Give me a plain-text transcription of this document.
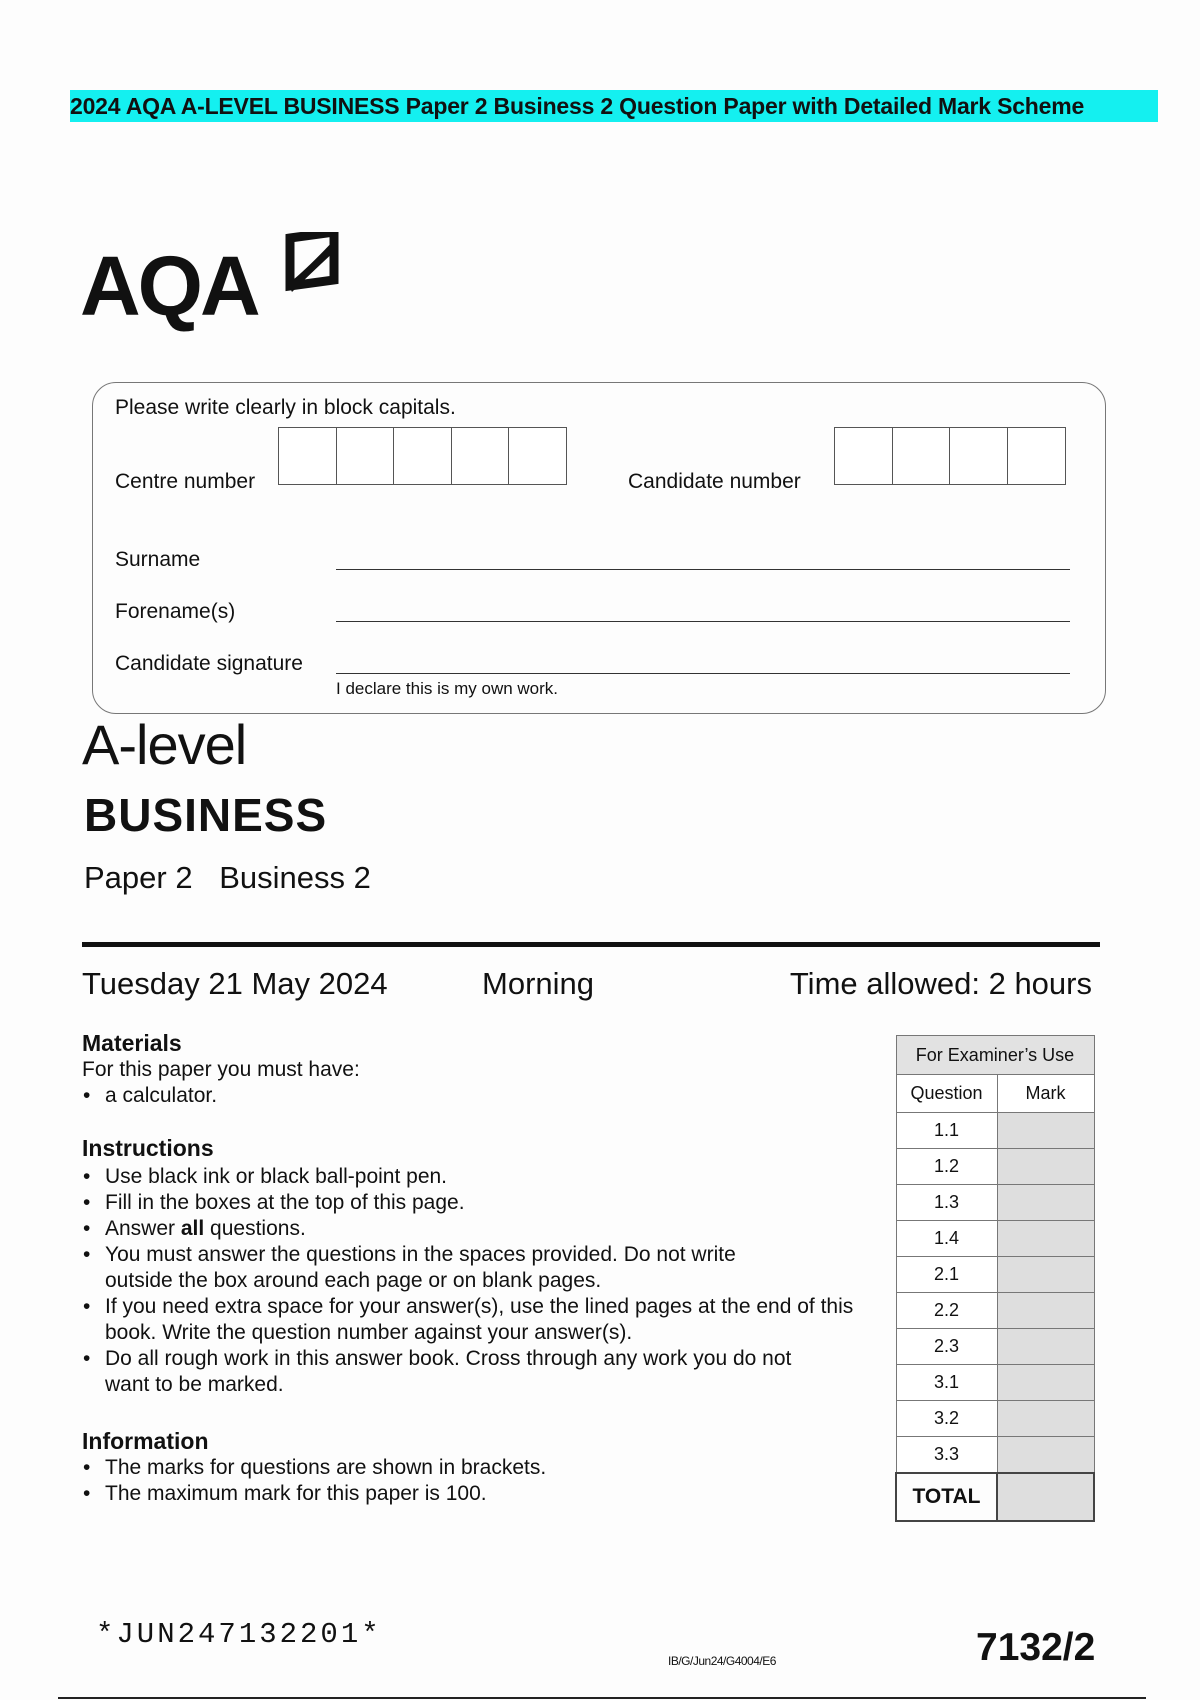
2024 AQA A-LEVEL BUSINESS Paper 2 Business 2 Question Paper with Detailed Mark Scheme
AQA
Please write clearly in block capitals.
Centre number	Candidate number
Surname
Forename(s)
Candidate signature
I declare this is my own work.
A-level
BUSINESS
Paper 2 Business 2
Tuesday 21 May 2024	Morning	Time allowed: 2 hours
Materials
For this paper you must have:
• a calculator.
Instructions
• Use black ink or black ball-point pen.
• Fill in the boxes at the top of this page.
• Answer all questions.
• You must answer the questions in the spaces provided. Do not write outside the box around each page or on blank pages.
• If you need extra space for your answer(s), use the lined pages at the end of this book. Write the question number against your answer(s).
• Do all rough work in this answer book. Cross through any work you do not want to be marked.
Information
• The marks for questions are shown in brackets.
• The maximum mark for this paper is 100.
For Examiner’s Use	
Question	Mark
1.1	
1.2	
1.3	
1.4	
2.1	
2.2	
2.3	
3.1	
3.2	
3.3	
TOTAL	
*JUN247132201*
IB/G/Jun24/G4004/E6	7132/2
